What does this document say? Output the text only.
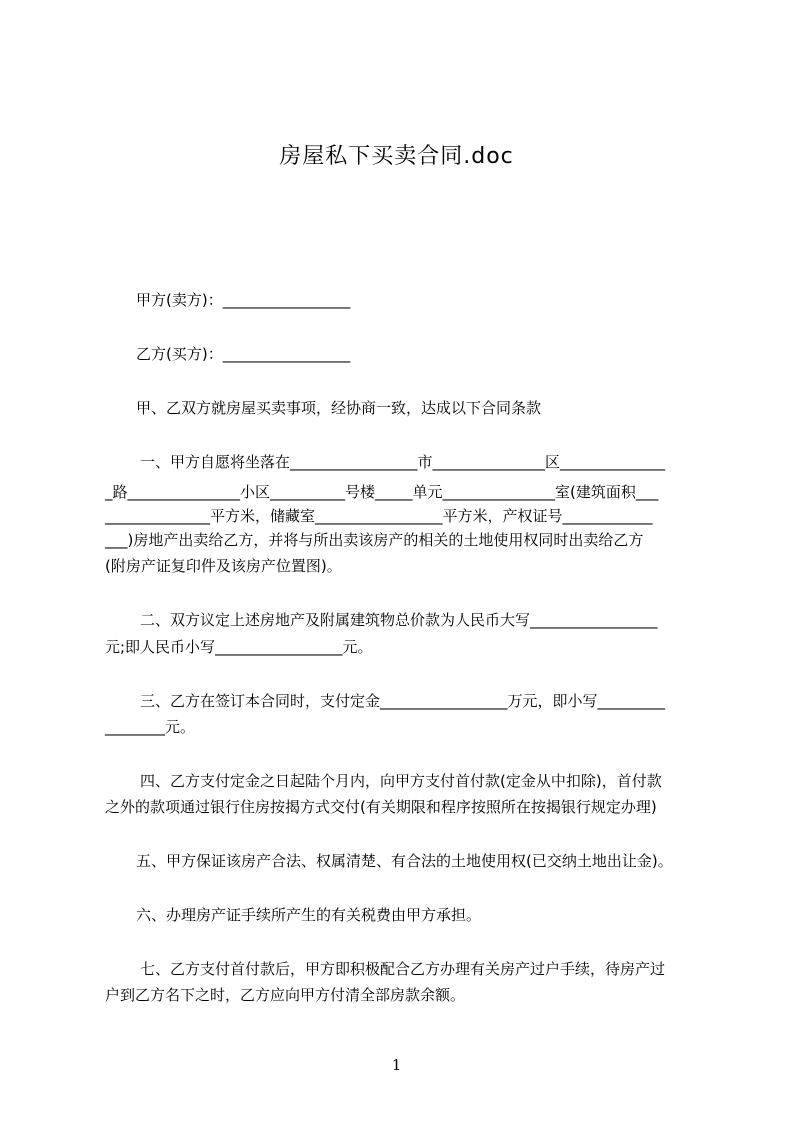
房屋私下买卖合同.doc
甲方(卖方)：_________________
乙方(买方)：_________________
甲、乙双方就房屋买卖事项，经协商一致，达成以下合同条款
一、甲方自愿将坐落在_________________市_______________区______________
_路_______________小区__________号楼_____单元_______________室(建筑面积___
______________平方米，储藏室_________________平方米，产权证号____________
___)房地产出卖给乙方，并将与所出卖该房产的相关的土地使用权同时出卖给乙方
(附房产证复印件及该房产位置图)。
二、双方议定上述房地产及附属建筑物总价款为人民币大写_________________
元;即人民币小写_________________元。
三、乙方在签订本合同时，支付定金_________________万元，即小写_________
________元。
四、乙方支付定金之日起陆个月内，向甲方支付首付款(定金从中扣除)，首付款
之外的款项通过银行住房按揭方式交付(有关期限和程序按照所在按揭银行规定办理)
五、甲方保证该房产合法、权属清楚、有合法的土地使用权(已交纳土地出让金)。
六、办理房产证手续所产生的有关税费由甲方承担。
七、乙方支付首付款后，甲方即积极配合乙方办理有关房产过户手续，待房产过
户到乙方名下之时，乙方应向甲方付清全部房款余额。
1
